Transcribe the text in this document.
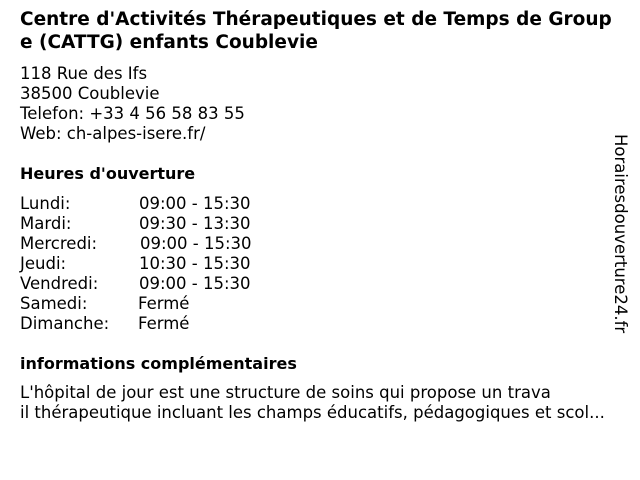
Centre d'Activités Thérapeutiques et de Temps de Groupe (CATTG) enfants Coublevie
118 Rue des Ifs
38500 Coublevie
Telefon: +33 4 56 58 83 55
Web: ch-alpes-isere.fr/
Heures d'ouverture
Lundi:	09:00 - 15:30
Mardi:	09:30 - 13:30
Mercredi:	09:00 - 15:30
Jeudi:	10:30 - 15:30
Vendredi: 09:00 - 15:30
Samedi:	Fermé
Dimanche: Fermé
informations complémentaires
L'hôpital de jour est une structure de soins qui propose un trava
il thérapeutique incluant les champs éducatifs, pédagogiques et scol...
Horairesdouverture24.fr
